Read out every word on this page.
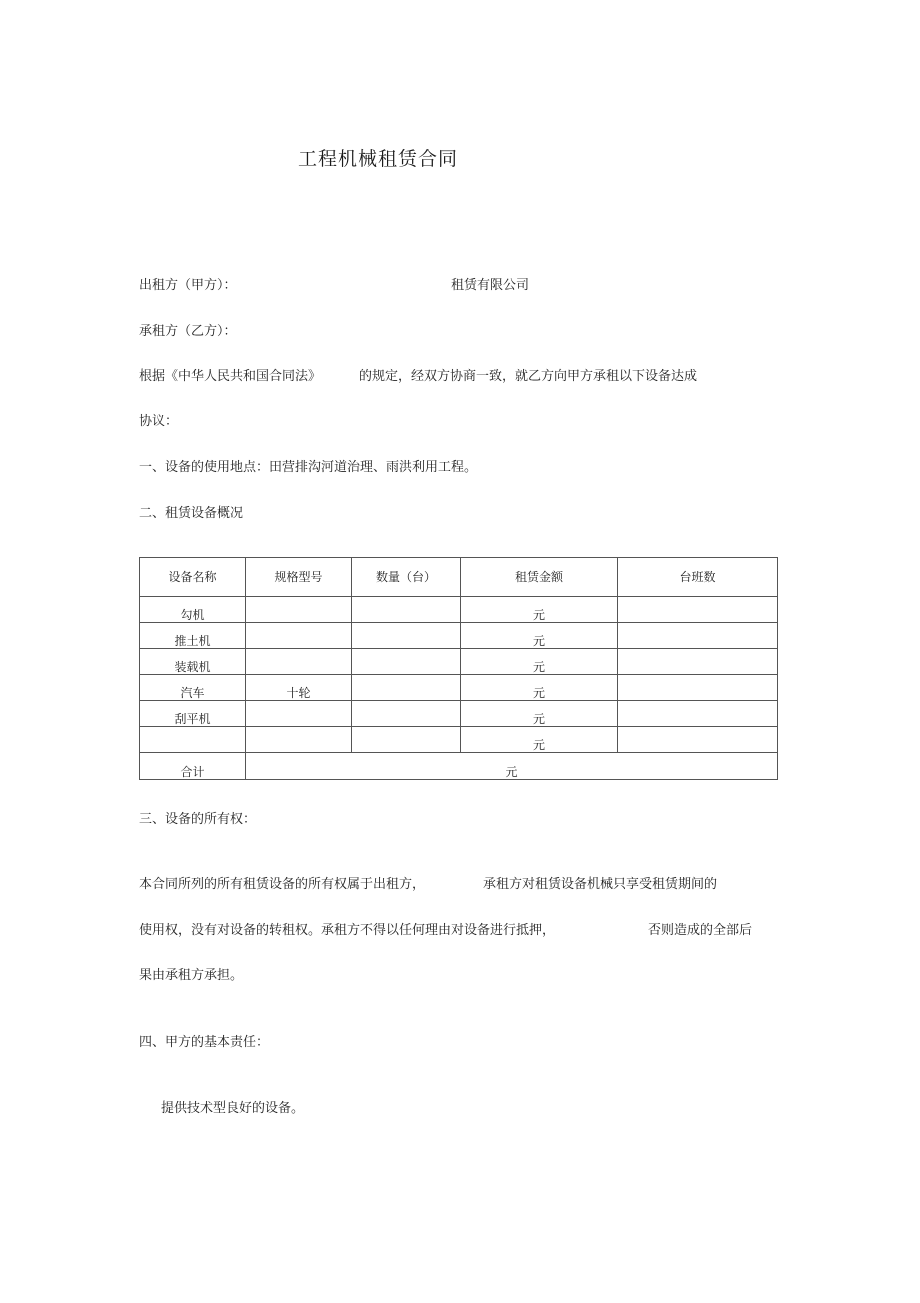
工程机械租赁合同
出租方（甲方）：	租赁有限公司
承租方（乙方）：
根据《中华人民共和国合同法》	的规定，经双方协商一致，就乙方向甲方承租以下设备达成
协议：
一、设备的使用地点：田营排沟河道治理、雨洪利用工程。
二、租赁设备概况
设备名称	规格型号	数量（台）	租赁金额	台班数
勾机			元	
推土机			元	
装载机			元	
汽车	十轮		元	
刮平机			元	
			元	
合计	元			
三、设备的所有权：
本合同所列的所有租赁设备的所有权属于出租方，	承租方对租赁设备机械只享受租赁期间的
使用权，没有对设备的转租权。承租方不得以任何理由对设备进行抵押，	否则造成的全部后
果由承租方承担。
四、甲方的基本责任：
提供技术型良好的设备。
